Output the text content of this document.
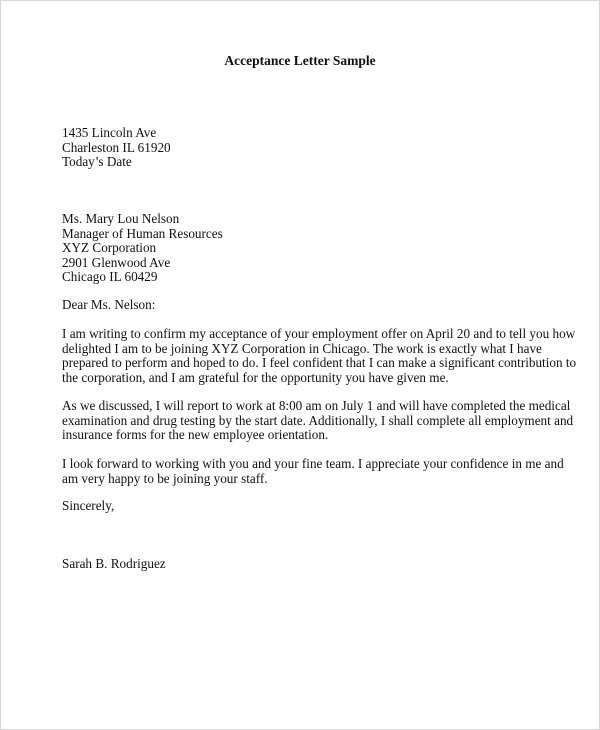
Acceptance Letter Sample
1435 Lincoln Ave
Charleston IL 61920
Today’s Date
Ms. Mary Lou Nelson
Manager of Human Resources
XYZ Corporation
2901 Glenwood Ave
Chicago IL 60429
Dear Ms. Nelson:
I am writing to confirm my acceptance of your employment offer on April 20 and to tell you how
delighted I am to be joining XYZ Corporation in Chicago. The work is exactly what I have
prepared to perform and hoped to do. I feel confident that I can make a significant contribution to
the corporation, and I am grateful for the opportunity you have given me.
As we discussed, I will report to work at 8:00 am on July 1 and will have completed the medical
examination and drug testing by the start date. Additionally, I shall complete all employment and
insurance forms for the new employee orientation.
I look forward to working with you and your fine team. I appreciate your confidence in me and
am very happy to be joining your staff.
Sincerely,
Sarah B. Rodriguez
